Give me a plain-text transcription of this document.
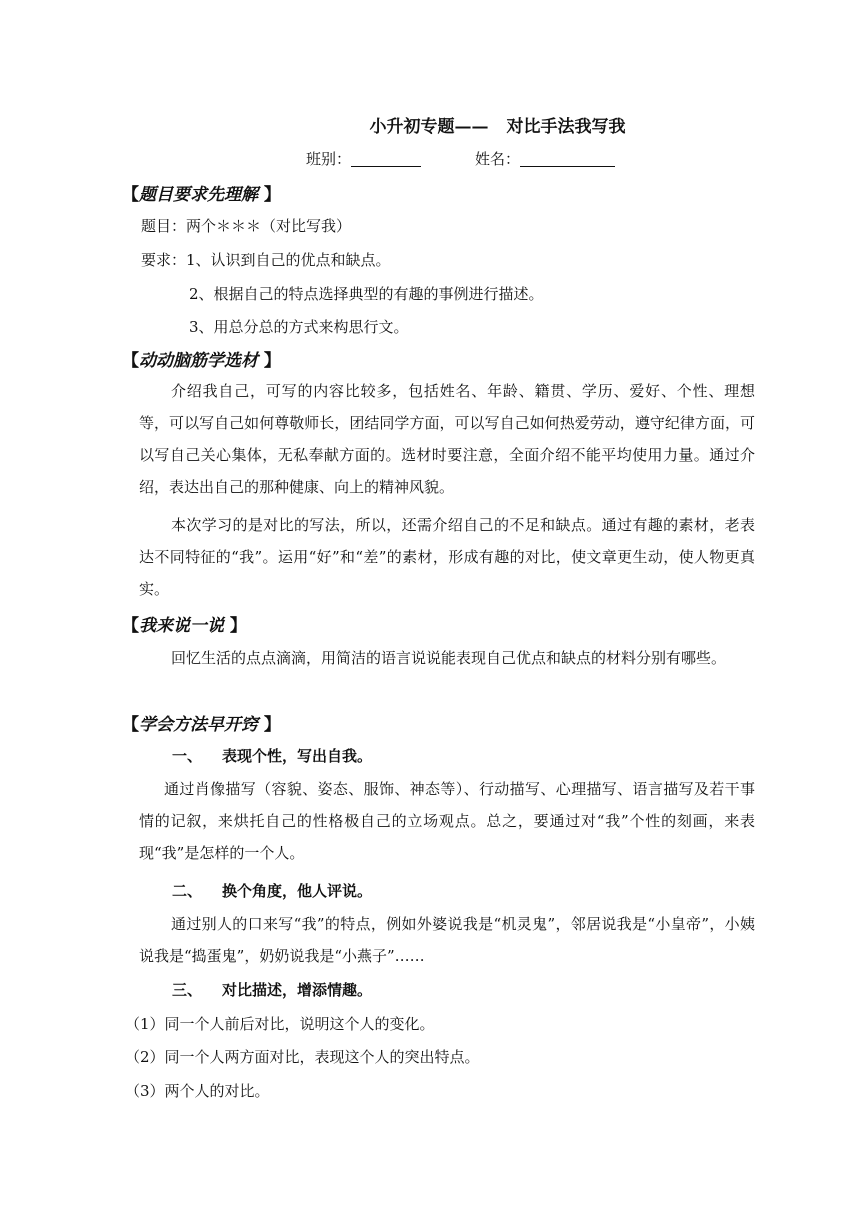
小升初专题—— 对比手法我写我
班别：	姓名：
【题目要求先理解 】
题目：两个＊＊＊（对比写我）
要求：1、认识到自己的优点和缺点。
2、根据自己的特点选择典型的有趣的事例进行描述。
3、用总分总的方式来构思行文。
【动动脑筋学选材 】

介绍我自己，可写的内容比较多，包括姓名、年龄、籍贯、学历、爱好、个性、理想等，可以写自己如何尊敬师长，团结同学方面，可以写自己如何热爱劳动，遵守纪律方面，可以写自己关心集体，无私奉献方面的。选材时要注意，全面介绍不能平均使用力量。通过介绍，表达出自己的那种健康、向上的精神风貌。

本次学习的是对比的写法，所以，还需介绍自己的不足和缺点。通过有趣的素材，老表达不同特征的“我”。运用“好”和“差”的素材，形成有趣的对比，使文章更生动，使人物更真实。

【我来说一说 】

回忆生活的点点滴滴，用简洁的语言说说能表现自己优点和缺点的材料分别有哪些。

【学会方法早开窍 】
一、 表现个性，写出自我。

通过肖像描写（容貌、姿态、服饰、神态等）、行动描写、心理描写、语言描写及若干事情的记叙，来烘托自己的性格极自己的立场观点。总之，要通过对“我”个性的刻画，来表现“我”是怎样的一个人。

二、 换个角度，他人评说。

通过别人的口来写“我”的特点，例如外婆说我是“机灵鬼”，邻居说我是“小皇帝”，小姨说我是“捣蛋鬼”，奶奶说我是“小燕子”……

三、 对比描述，增添情趣。
（1）同一个人前后对比，说明这个人的变化。
（2）同一个人两方面对比，表现这个人的突出特点。
（3）两个人的对比。
